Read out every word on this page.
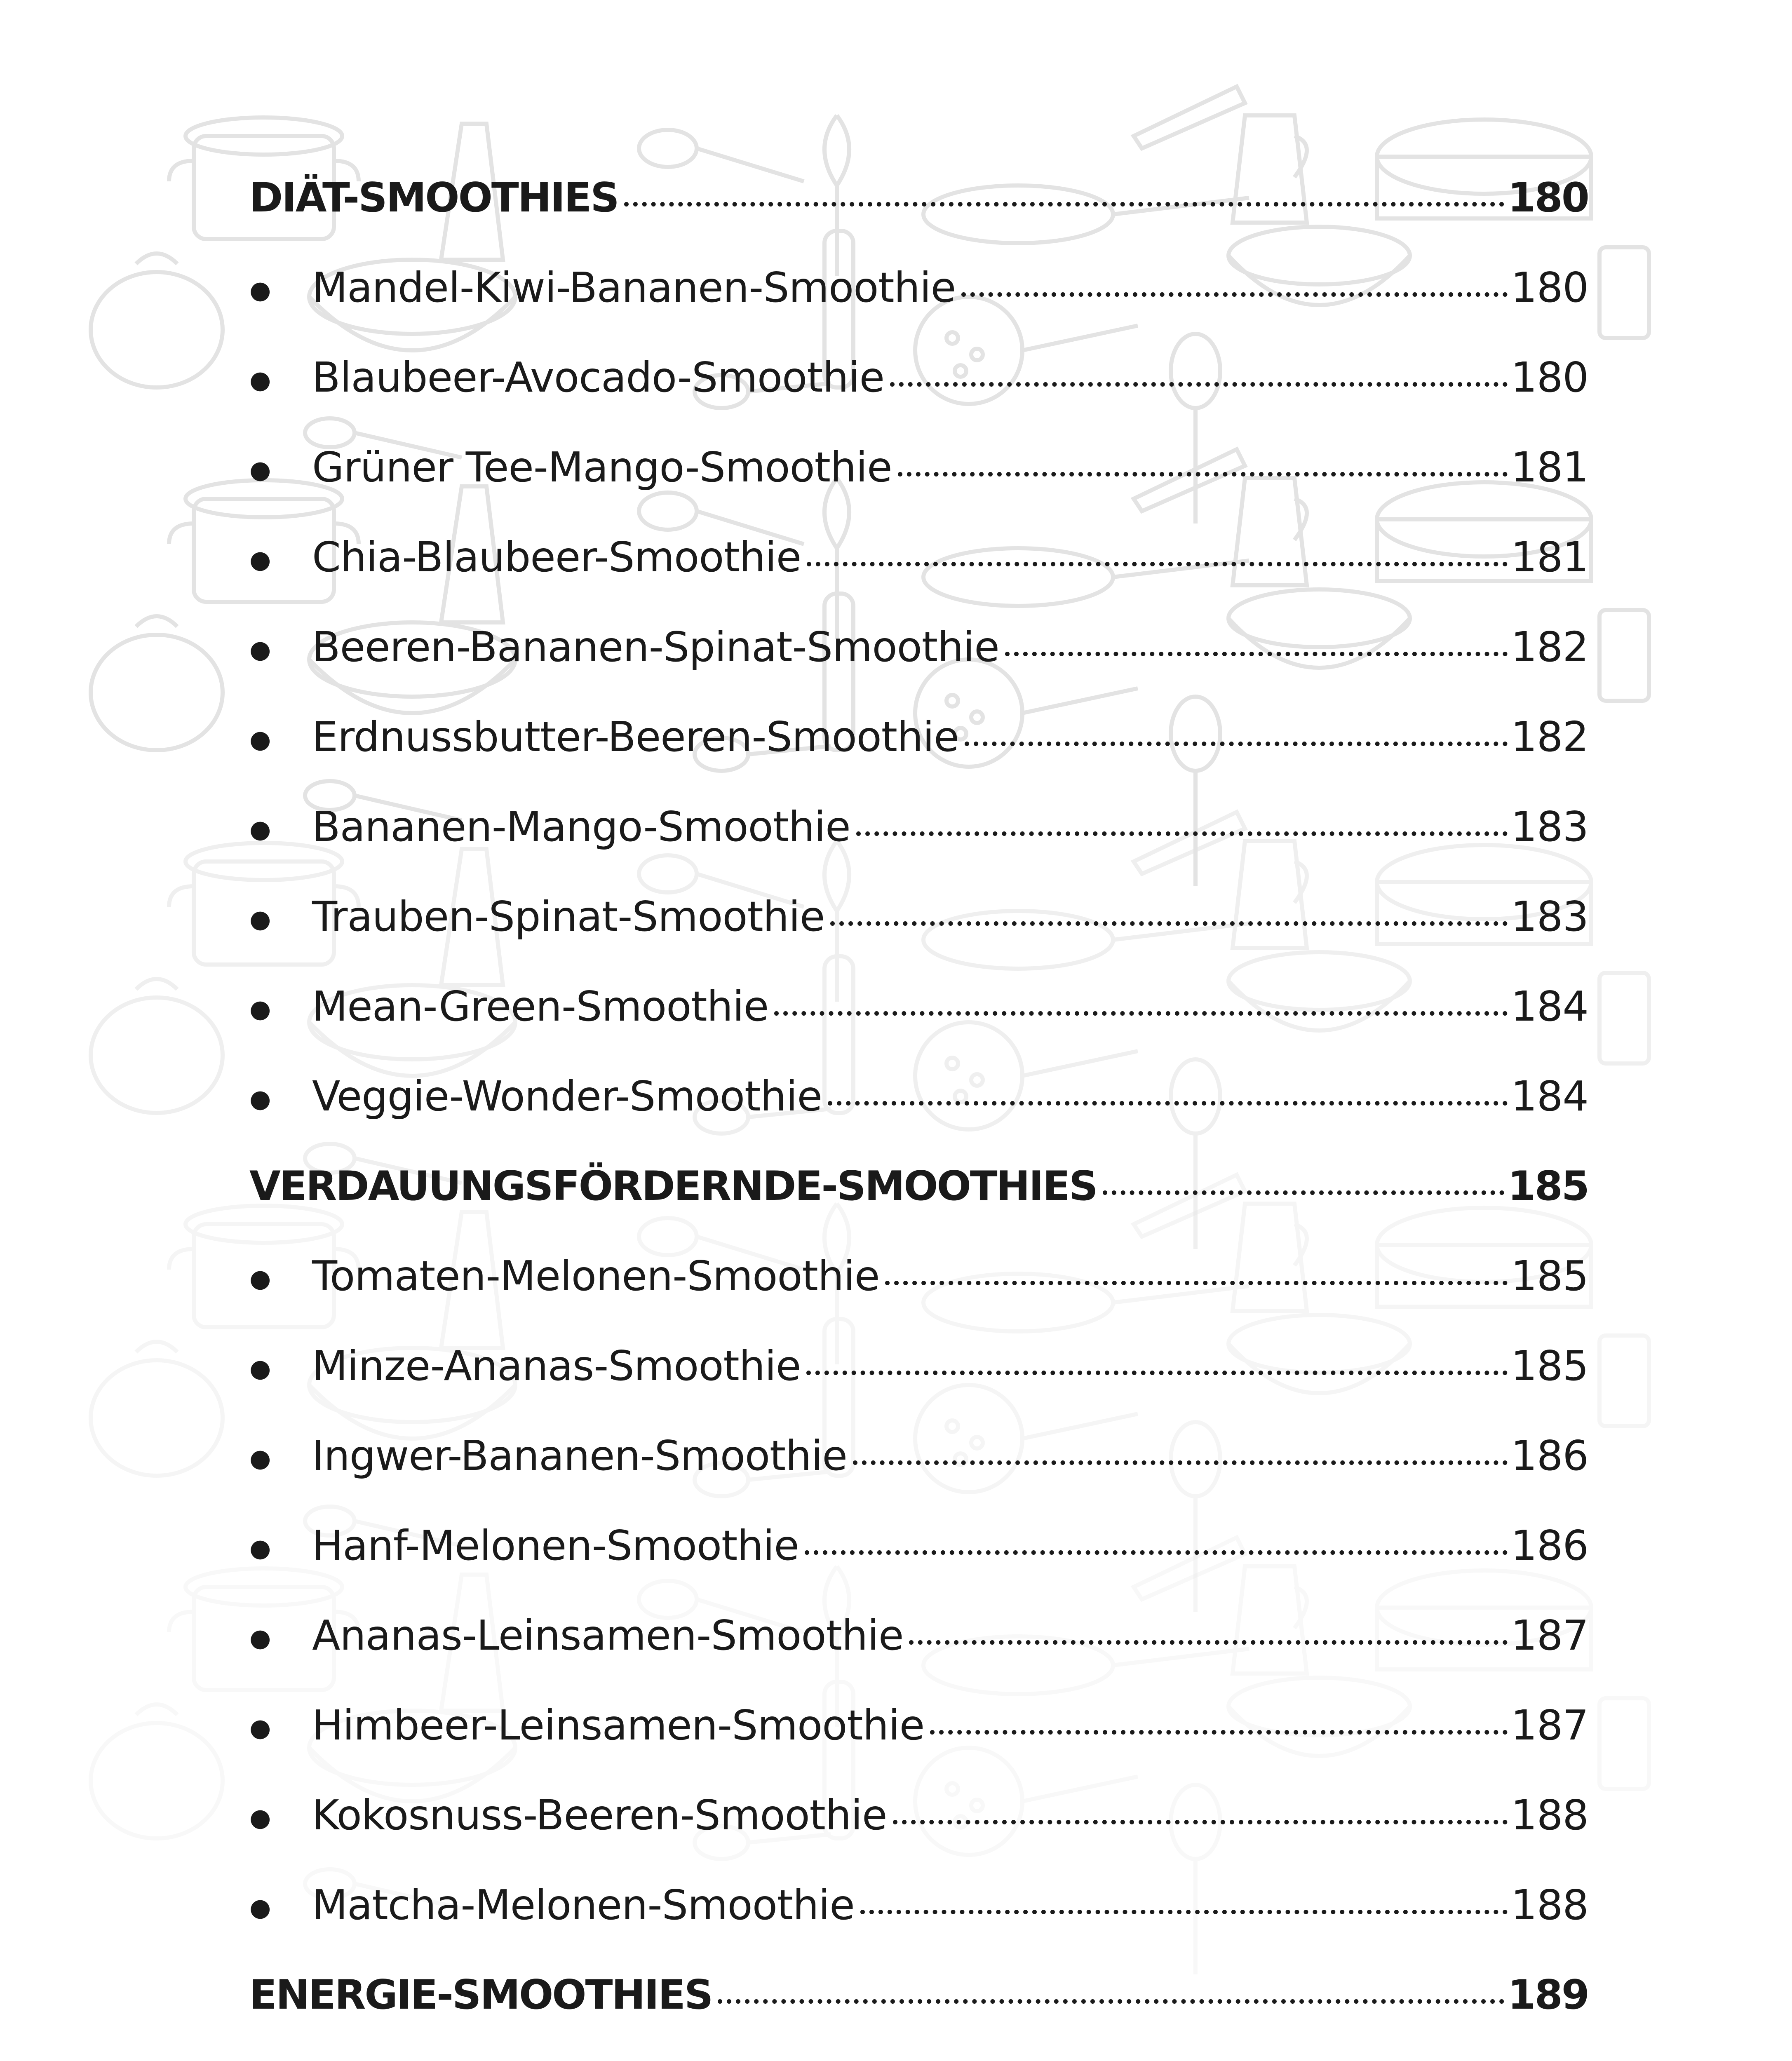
DIÄT-SMOOTHIES	180
●	Mandel-Kiwi-Bananen-Smoothie	180
●	Blaubeer-Avocado-Smoothie	180
●	Grüner Tee-Mango-Smoothie	181
●	Chia-Blaubeer-Smoothie	181
●	Beeren-Bananen-Spinat-Smoothie	182
●	Erdnussbutter-Beeren-Smoothie	182
●	Bananen-Mango-Smoothie	183
●	Trauben-Spinat-Smoothie	183
●	Mean-Green-Smoothie	184
●	Veggie-Wonder-Smoothie	184
VERDAUUNGSFÖRDERNDE-SMOOTHIES	185
●	Tomaten-Melonen-Smoothie	185
●	Minze-Ananas-Smoothie	185
●	Ingwer-Bananen-Smoothie	186
●	Hanf-Melonen-Smoothie	186
●	Ananas-Leinsamen-Smoothie	187
●	Himbeer-Leinsamen-Smoothie	187
●	Kokosnuss-Beeren-Smoothie	188
●	Matcha-Melonen-Smoothie	188
ENERGIE-SMOOTHIES	189
